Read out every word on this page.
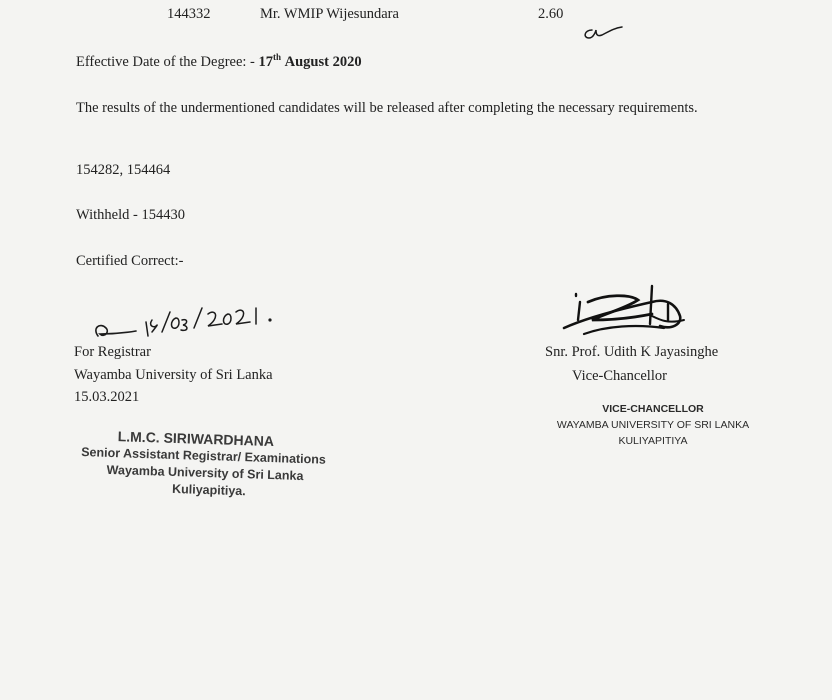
144332	Mr. WMIP Wijesundara	2.60
Effective Date of the Degree: - 17th August 2020
The results of the undermentioned candidates will be released after completing the necessary requirements.
154282, 154464
Withheld - 154430
Certified Correct:-
For Registrar
Wayamba University of Sri Lanka
15.03.2021
L.M.C. SIRIWARDHANA
Senior Assistant Registrar/ Examinations
Wayamba University of Sri Lanka
Kuliyapitiya.
Snr. Prof. Udith K Jayasinghe
Vice-Chancellor
VICE-CHANCELLOR
WAYAMBA UNIVERSITY OF SRI LANKA
KULIYAPITIYA
